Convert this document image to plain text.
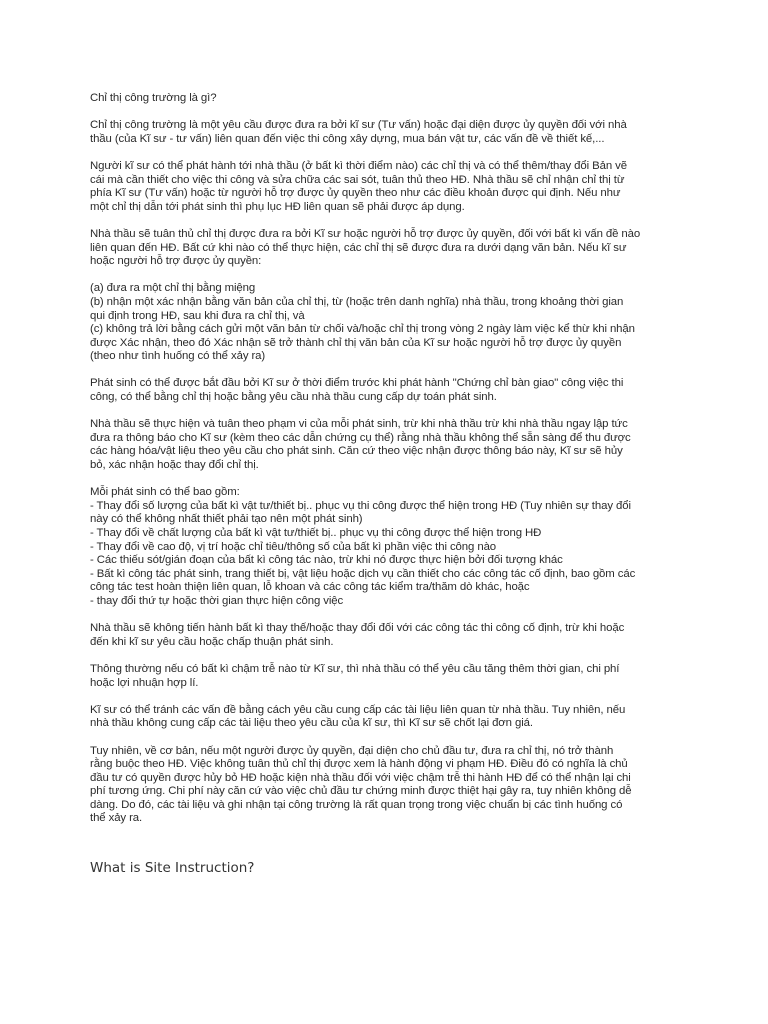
Chỉ thị công trường là gì?

Chỉ thị công trường là một yêu cầu được đưa ra bởi kĩ sư (Tư vấn) hoặc đại diện được ủy quyền đối với nhà
thầu (của Kĩ sư - tư vấn) liên quan đến việc thi công xây dựng, mua bán vật tư, các vấn đề về thiết kế,...

Người kĩ sư có thể phát hành tới nhà thầu (ở bất kì thời điểm nào) các chỉ thị và có thể thêm/thay đổi Bản vẽ
cái mà cần thiết cho việc thi công và sửa chữa các sai sót, tuân thủ theo HĐ. Nhà thầu sẽ chỉ nhận chỉ thị từ
phía Kĩ sư (Tư vấn) hoặc từ người hỗ trợ được ủy quyền theo như các điều khoản được qui định. Nếu như
một chỉ thị dẫn tới phát sinh thì phụ lục HĐ liên quan sẽ phải được áp dụng.

Nhà thầu sẽ tuân thủ chỉ thị được đưa ra bởi Kĩ sư hoặc người hỗ trợ được ủy quyền, đối với bất kì vấn đề nào
liên quan đến HĐ. Bất cứ khi nào có thể thực hiện, các chỉ thị sẽ được đưa ra dưới dạng văn bản. Nếu kĩ sư
hoặc người hỗ trợ được ủy quyền:

(a) đưa ra một chỉ thị bằng miệng
(b) nhận một xác nhận bằng văn bản của chỉ thị, từ (hoặc trên danh nghĩa) nhà thầu, trong khoảng thời gian
qui định trong HĐ, sau khi đưa ra chỉ thị, và
(c) không trả lời bằng cách gửi một văn bản từ chối và/hoặc chỉ thị trong vòng 2 ngày làm việc kể thừ khi nhận
được Xác nhận, theo đó Xác nhận sẽ trở thành chỉ thị văn bản của Kĩ sư hoặc người hỗ trợ được ủy quyền
(theo như tình huống có thể xảy ra)

Phát sinh có thể được bắt đầu bởi Kĩ sư ở thời điểm trước khi phát hành "Chứng chỉ bàn giao" công việc thi
công, có thể bằng chỉ thị hoặc bằng yêu cầu nhà thầu cung cấp dự toán phát sinh.

Nhà thầu sẽ thực hiện và tuân theo phạm vi của mỗi phát sinh, trừ khi nhà thầu trừ khi nhà thầu ngay lập tức
đưa ra thông báo cho Kĩ sư (kèm theo các dẫn chứng cụ thể) rằng nhà thầu không thể sẵn sàng để thu được
các hàng hóa/vật liệu theo yêu cầu cho phát sinh. Căn cứ theo việc nhận được thông báo này, Kĩ sư sẽ hủy
bỏ, xác nhận hoặc thay đổi chỉ thị.

Mỗi phát sinh có thể bao gồm:
- Thay đổi số lượng của bất kì vật tư/thiết bị.. phục vụ thi công được thể hiện trong HĐ (Tuy nhiên sự thay đổi
này có thể không nhất thiết phải tạo nên một phát sinh)
- Thay đổi về chất lượng của bất kì vật tư/thiết bị.. phục vụ thi công được thể hiện trong HĐ
- Thay đổi về cao độ, vị trí hoặc chỉ tiêu/thông số của bất kì phần việc thi công nào
- Các thiếu sót/gián đoạn của bất kì công tác nào, trừ khi nó được thực hiện bởi đối tượng khác
- Bất kì công tác phát sinh, trang thiết bị, vật liệu hoặc dịch vụ cần thiết cho các công tác cố định, bao gồm các
công tác test hoàn thiện liên quan, lỗ khoan và các công tác kiểm tra/thăm dò khác, hoặc
- thay đổi thứ tự hoặc thời gian thực hiện công việc

Nhà thầu sẽ không tiến hành bất kì thay thế/hoặc thay đổi đối với các công tác thi công cố định, trừ khi hoặc
đến khi kĩ sư yêu cầu hoặc chấp thuận phát sinh.

Thông thường nếu có bất kì chậm trễ nào từ Kĩ sư, thì nhà thầu có thể yêu cầu tăng thêm thời gian, chi phí
hoặc lợi nhuận hợp lí.

Kĩ sư có thể tránh các vấn đề bằng cách yêu cầu cung cấp các tài liệu liên quan từ nhà thầu. Tuy nhiên, nếu
nhà thầu không cung cấp các tài liệu theo yêu cầu của kĩ sư, thì Kĩ sư sẽ chốt lại đơn giá.

Tuy nhiên, về cơ bản, nếu một người được ủy quyền, đại diện cho chủ đầu tư, đưa ra chỉ thị, nó trở thành
rằng buộc theo HĐ. Việc không tuân thủ chỉ thị được xem là hành động vi phạm HĐ. Điều đó có nghĩa là chủ
đầu tư có quyền được hủy bỏ HĐ hoặc kiện nhà thầu đối với việc chậm trễ thi hành HĐ để có thể nhận lại chi
phí tương ứng. Chi phí này căn cứ vào việc chủ đầu tư chứng minh được thiệt hại gây ra, tuy nhiên không dễ
dàng. Do đó, các tài liệu và ghi nhận tại công trường là rất quan trọng trong việc chuẩn bị các tình huống có
thể xảy ra.

What is Site Instruction?
